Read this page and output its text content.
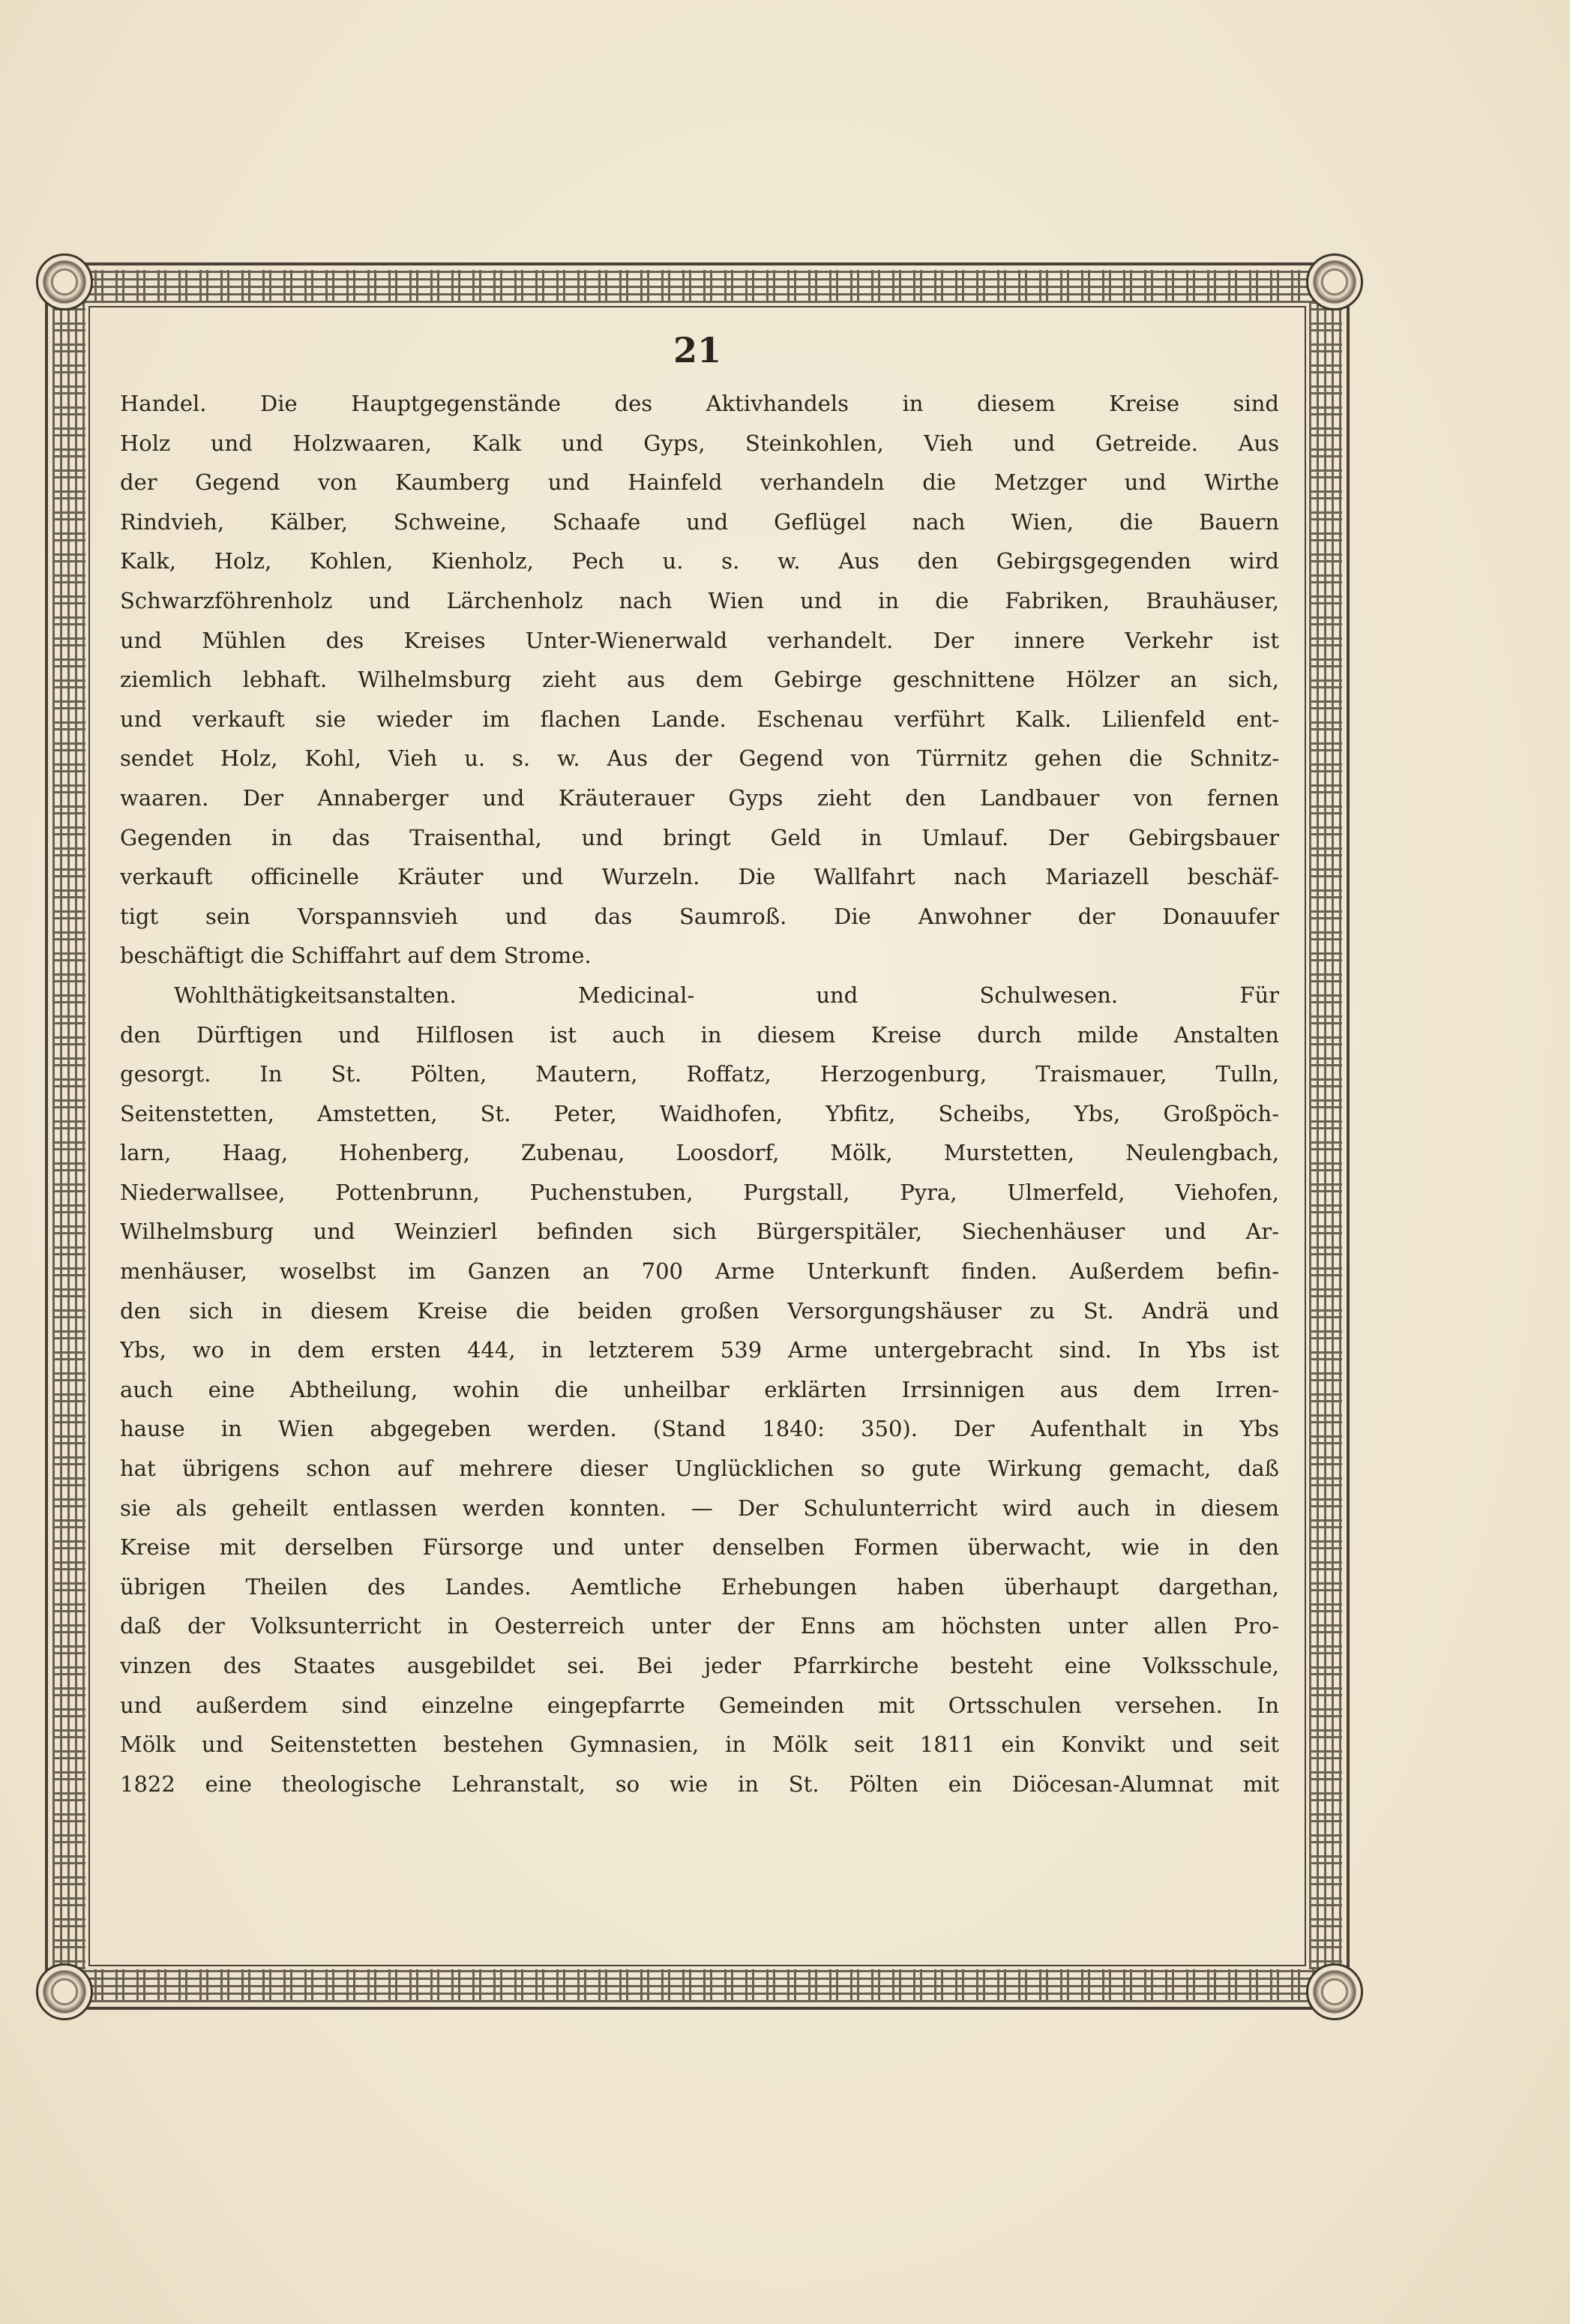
21
Handel. Die Hauptgegenstände des Aktivhandels in diesem Kreise sind
Holz und Holzwaaren, Kalk und Gyps, Steinkohlen, Vieh und Getreide. Aus
der Gegend von Kaumberg und Hainfeld verhandeln die Metzger und Wirthe
Rindvieh, Kälber, Schweine, Schaafe und Geflügel nach Wien, die Bauern
Kalk, Holz, Kohlen, Kienholz, Pech u. s. w. Aus den Gebirgsgegenden wird
Schwarzföhrenholz und Lärchenholz nach Wien und in die Fabriken, Brauhäuser,
und Mühlen des Kreises Unter-Wienerwald verhandelt. Der innere Verkehr ist
ziemlich lebhaft. Wilhelmsburg zieht aus dem Gebirge geschnittene Hölzer an sich,
und verkauft sie wieder im flachen Lande. Eschenau verführt Kalk. Lilienfeld ent-
sendet Holz, Kohl, Vieh u. s. w. Aus der Gegend von Türrnitz gehen die Schnitz-
waaren. Der Annaberger und Kräuterauer Gyps zieht den Landbauer von fernen
Gegenden in das Traisenthal, und bringt Geld in Umlauf. Der Gebirgsbauer
verkauft officinelle Kräuter und Wurzeln. Die Wallfahrt nach Mariazell beschäf-
tigt sein Vorspannsvieh und das Saumroß. Die Anwohner der Donauufer
beschäftigt die Schiffahrt auf dem Strome.
Wohlthätigkeitsanstalten. Medicinal- und Schulwesen. Für
den Dürftigen und Hilflosen ist auch in diesem Kreise durch milde Anstalten
gesorgt. In St. Pölten, Mautern, Roffatz, Herzogenburg, Traismauer, Tulln,
Seitenstetten, Amstetten, St. Peter, Waidhofen, Ybfitz, Scheibs, Ybs, Großpöch-
larn, Haag, Hohenberg, Zubenau, Loosdorf, Mölk, Murstetten, Neulengbach,
Niederwallsee, Pottenbrunn, Puchenstuben, Purgstall, Pyra, Ulmerfeld, Viehofen,
Wilhelmsburg und Weinzierl befinden sich Bürgerspitäler, Siechenhäuser und Ar-
menhäuser, woselbst im Ganzen an 700 Arme Unterkunft finden. Außerdem befin-
den sich in diesem Kreise die beiden großen Versorgungshäuser zu St. Andrä und
Ybs, wo in dem ersten 444, in letzterem 539 Arme untergebracht sind. In Ybs ist
auch eine Abtheilung, wohin die unheilbar erklärten Irrsinnigen aus dem Irren-
hause in Wien abgegeben werden. (Stand 1840: 350). Der Aufenthalt in Ybs
hat übrigens schon auf mehrere dieser Unglücklichen so gute Wirkung gemacht, daß
sie als geheilt entlassen werden konnten. — Der Schulunterricht wird auch in diesem
Kreise mit derselben Fürsorge und unter denselben Formen überwacht, wie in den
übrigen Theilen des Landes. Aemtliche Erhebungen haben überhaupt dargethan,
daß der Volksunterricht in Oesterreich unter der Enns am höchsten unter allen Pro-
vinzen des Staates ausgebildet sei. Bei jeder Pfarrkirche besteht eine Volksschule,
und außerdem sind einzelne eingepfarrte Gemeinden mit Ortsschulen versehen. In
Mölk und Seitenstetten bestehen Gymnasien, in Mölk seit 1811 ein Konvikt und seit
1822 eine theologische Lehranstalt, so wie in St. Pölten ein Diöcesan-Alumnat mit
